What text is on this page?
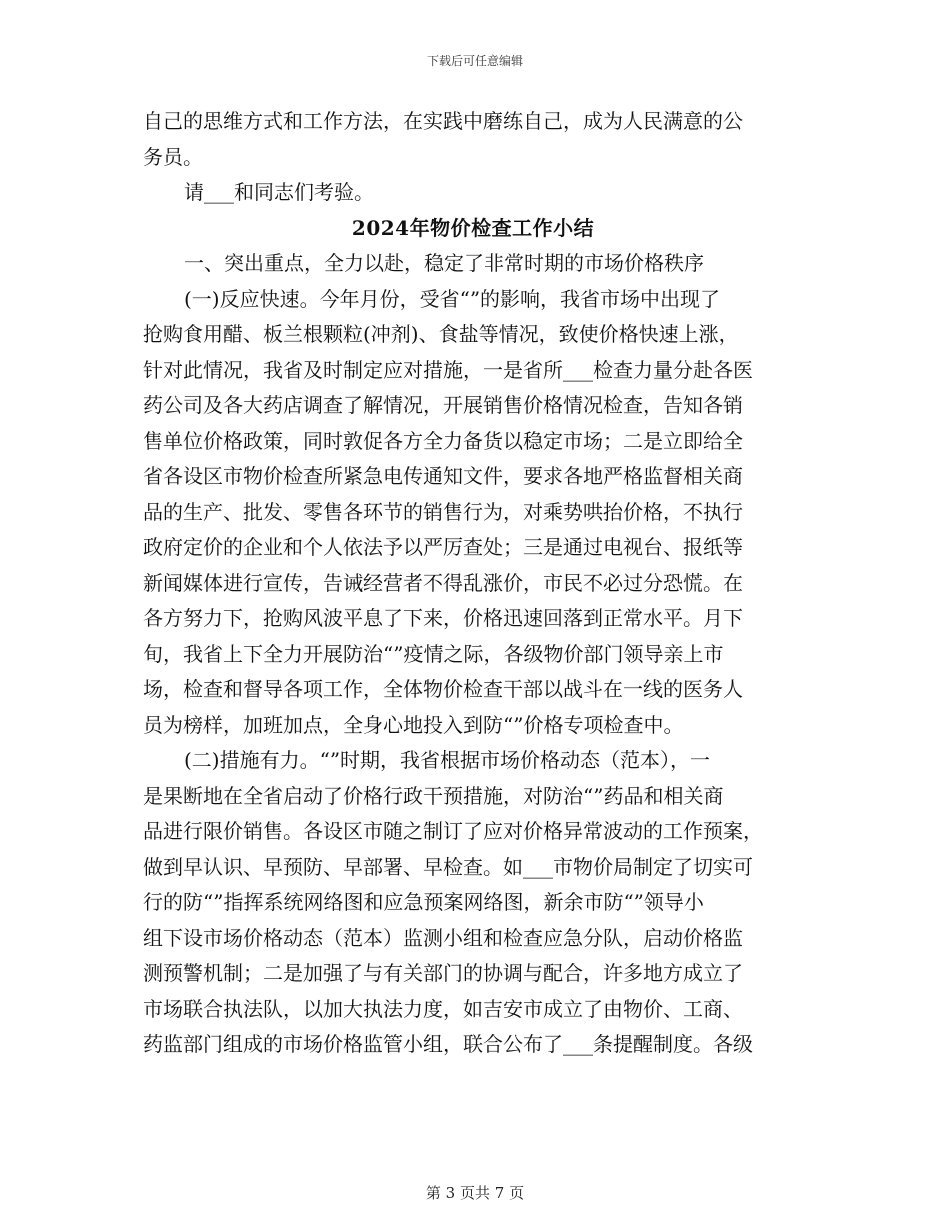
下载后可任意编辑
自己的思维方式和工作方法，在实践中磨练自己，成为人民满意的公
务员。
请___和同志们考验。
2024年物价检查工作小结
一、突出重点，全力以赴，稳定了非常时期的市场价格秩序
(一)反应快速。今年月份，受省“”的影响，我省市场中出现了
抢购食用醋、板兰根颗粒(冲剂)、食盐等情况，致使价格快速上涨，
针对此情况，我省及时制定应对措施，一是省所___检查力量分赴各医
药公司及各大药店调查了解情况，开展销售价格情况检查，告知各销
售单位价格政策，同时敦促各方全力备货以稳定市场；二是立即给全
省各设区市物价检查所紧急电传通知文件，要求各地严格监督相关商
品的生产、批发、零售各环节的销售行为，对乘势哄抬价格，不执行
政府定价的企业和个人依法予以严厉查处；三是通过电视台、报纸等
新闻媒体进行宣传，告诫经营者不得乱涨价，市民不必过分恐慌。在
各方努力下，抢购风波平息了下来，价格迅速回落到正常水平。月下
旬，我省上下全力开展防治“”疫情之际，各级物价部门领导亲上市
场，检查和督导各项工作，全体物价检查干部以战斗在一线的医务人
员为榜样，加班加点，全身心地投入到防“”价格专项检查中。
(二)措施有力。“”时期，我省根据市场价格动态（范本），一
是果断地在全省启动了价格行政干预措施，对防治“”药品和相关商
品进行限价销售。各设区市随之制订了应对价格异常波动的工作预案，
做到早认识、早预防、早部署、早检查。如___市物价局制定了切实可
行的防“”指挥系统网络图和应急预案网络图，新余市防“”领导小
组下设市场价格动态（范本）监测小组和检查应急分队，启动价格监
测预警机制；二是加强了与有关部门的协调与配合，许多地方成立了
市场联合执法队，以加大执法力度，如吉安市成立了由物价、工商、
药监部门组成的市场价格监管小组，联合公布了___条提醒制度。各级
第 3 页共 7 页
